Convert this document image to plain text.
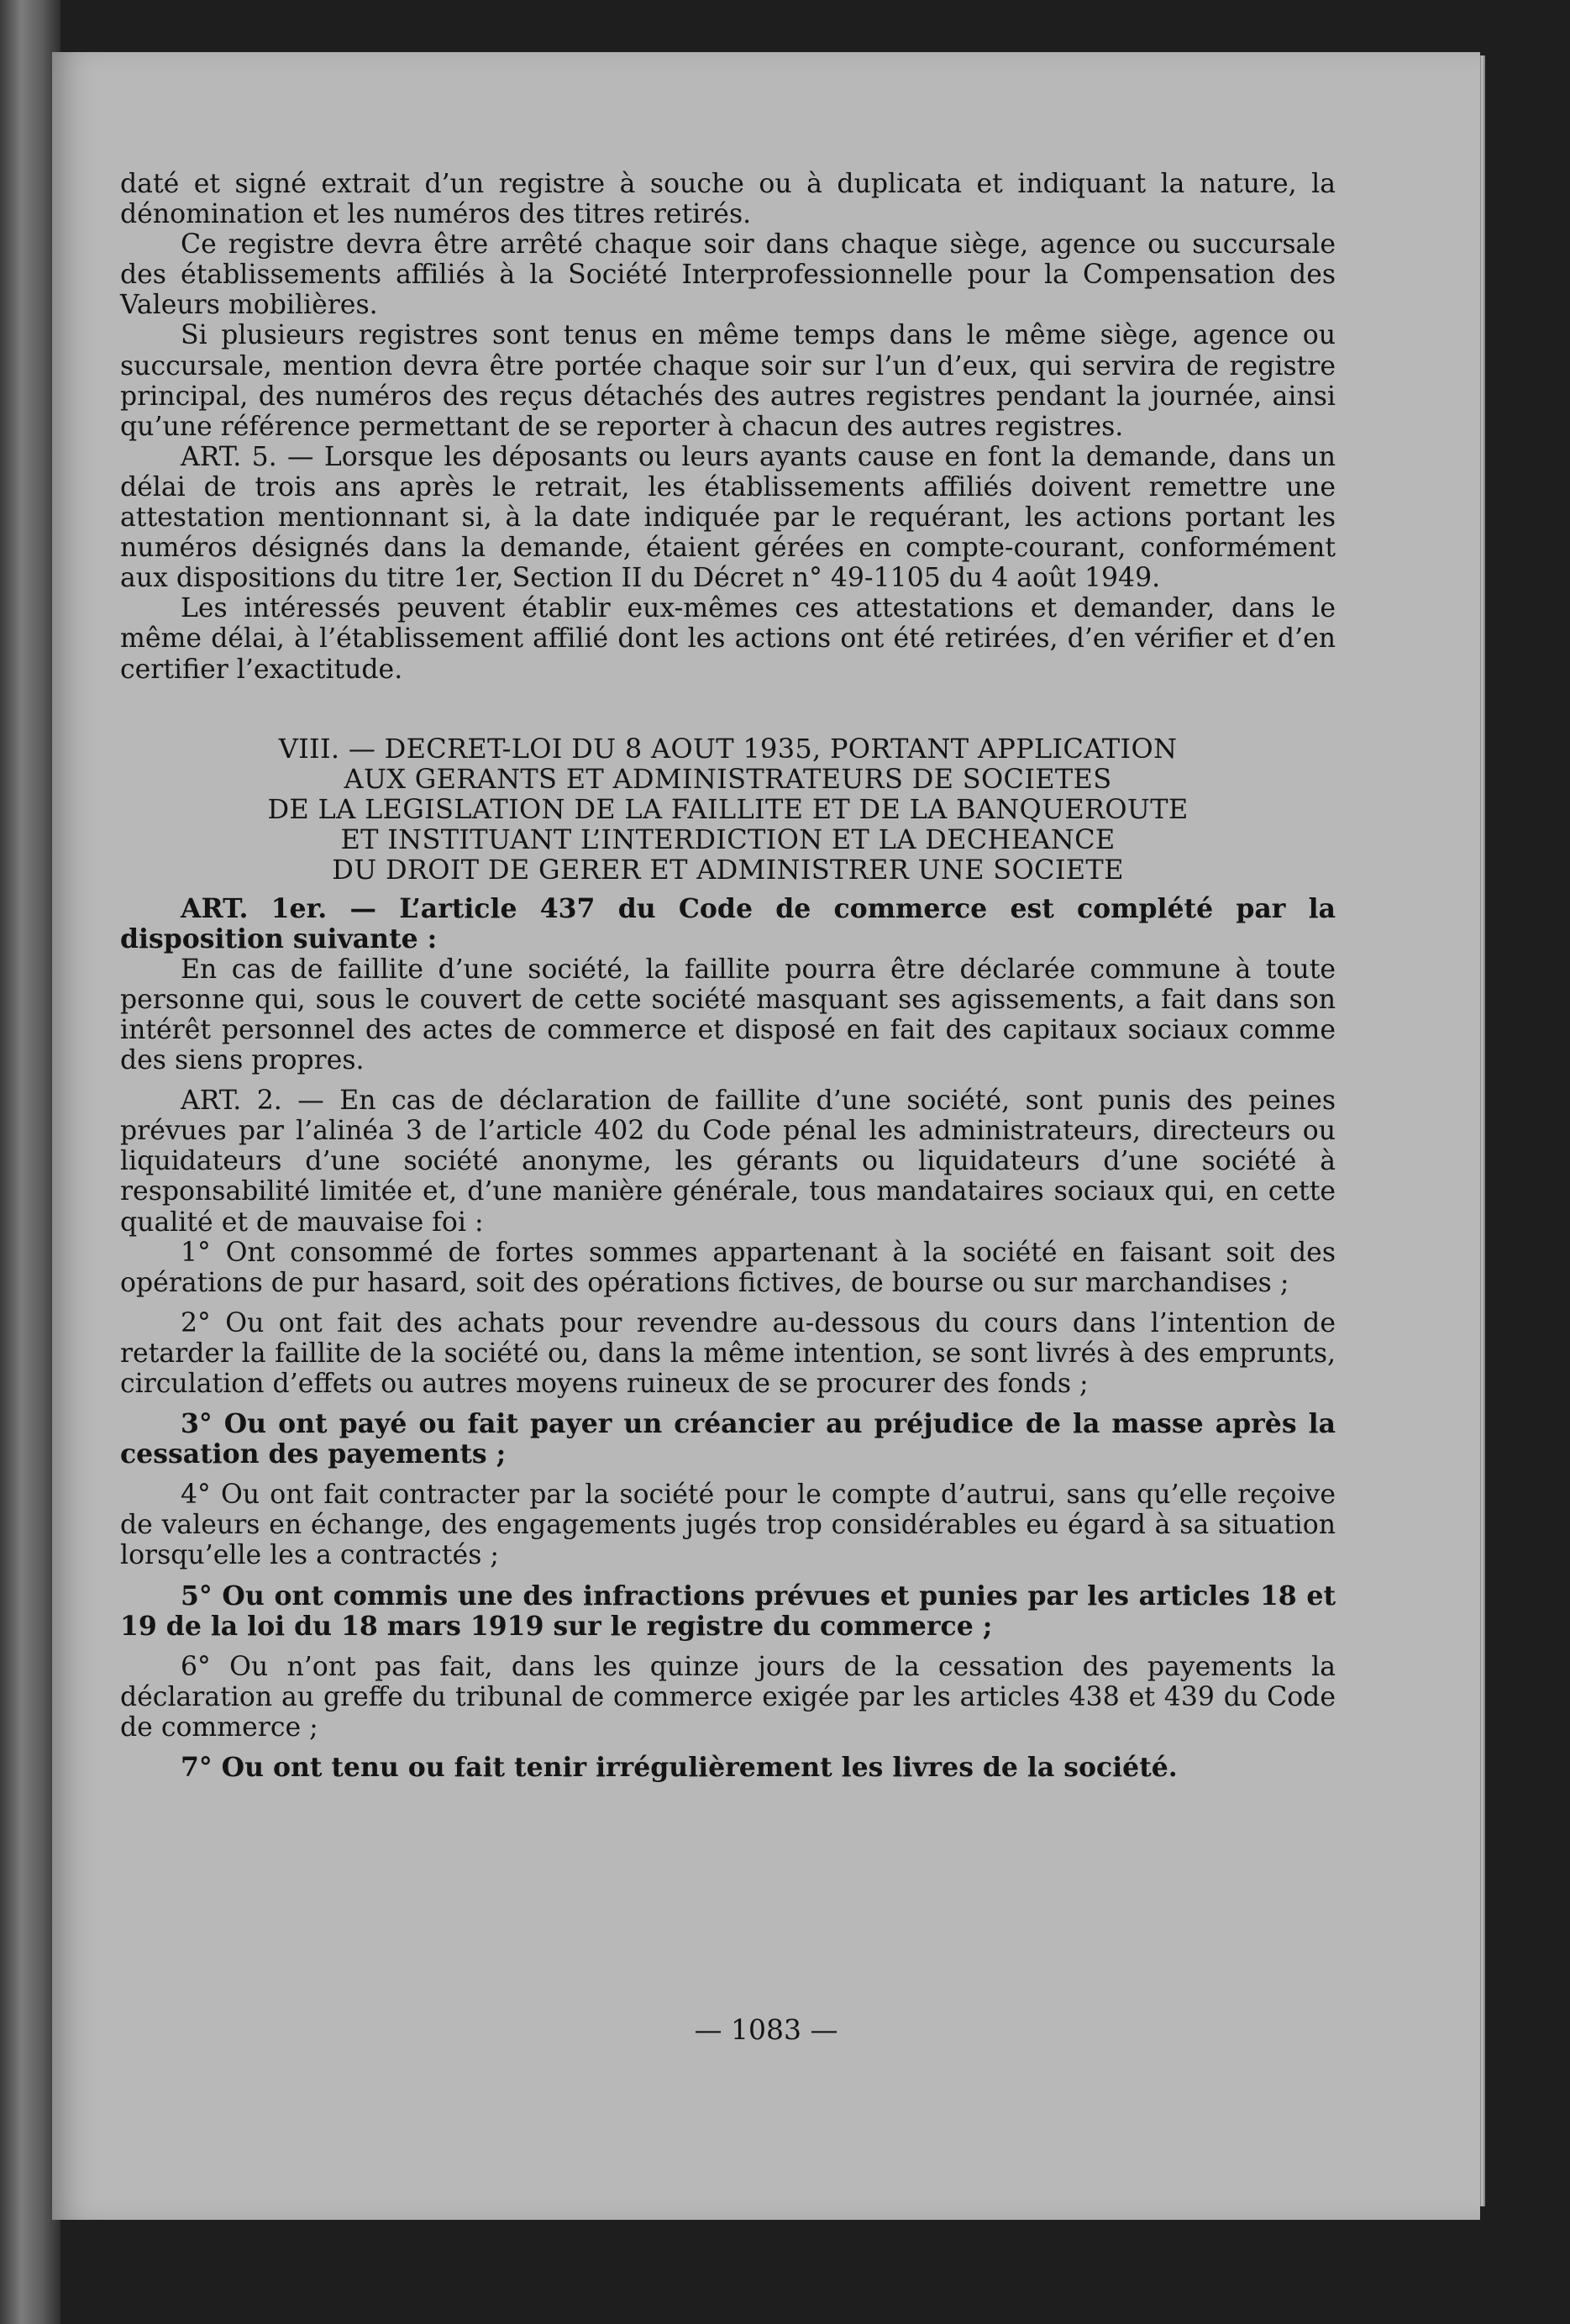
daté et signé extrait d’un registre à souche ou à duplicata et indiquant la nature, la dénomination et les numéros des titres retirés.

Ce registre devra être arrêté chaque soir dans chaque siège, agence ou succursale des établissements affiliés à la Société Interprofessionnelle pour la Compensation des Valeurs mobilières.

Si plusieurs registres sont tenus en même temps dans le même siège, agence ou succursale, mention devra être portée chaque soir sur l’un d’eux, qui servira de registre principal, des numéros des reçus détachés des autres registres pendant la journée, ainsi qu’une référence permettant de se reporter à chacun des autres registres.

ART. 5. — Lorsque les déposants ou leurs ayants cause en font la demande, dans un délai de trois ans après le retrait, les établissements affiliés doivent remettre une attestation mentionnant si, à la date indiquée par le requérant, les actions portant les numéros désignés dans la demande, étaient gérées en compte-courant, conformément aux dispositions du titre 1er, Section II du Décret n° 49-1105 du 4 août 1949.

Les intéressés peuvent établir eux-mêmes ces attestations et demander, dans le même délai, à l’établissement affilié dont les actions ont été retirées, d’en vérifier et d’en certifier l’exactitude.

VIII. — DECRET-LOI DU 8 AOUT 1935, PORTANT APPLICATION
AUX GERANTS ET ADMINISTRATEURS DE SOCIETES
DE LA LEGISLATION DE LA FAILLITE ET DE LA BANQUEROUTE
ET INSTITUANT L’INTERDICTION ET LA DECHEANCE
DU DROIT DE GERER ET ADMINISTRER UNE SOCIETE

ART. 1er. — L’article 437 du Code de commerce est complété par la disposition suivante :

En cas de faillite d’une société, la faillite pourra être déclarée commune à toute personne qui, sous le couvert de cette société masquant ses agissements, a fait dans son intérêt personnel des actes de commerce et disposé en fait des capitaux sociaux comme des siens propres.

ART. 2. — En cas de déclaration de faillite d’une société, sont punis des peines prévues par l’alinéa 3 de l’article 402 du Code pénal les administrateurs, directeurs ou liquidateurs d’une société anonyme, les gérants ou liquidateurs d’une société à responsabilité limitée et, d’une manière générale, tous mandataires sociaux qui, en cette qualité et de mauvaise foi :

1° Ont consommé de fortes sommes appartenant à la société en faisant soit des opérations de pur hasard, soit des opérations fictives, de bourse ou sur marchandises ;

2° Ou ont fait des achats pour revendre au-dessous du cours dans l’intention de retarder la faillite de la société ou, dans la même intention, se sont livrés à des emprunts, circulation d’effets ou autres moyens ruineux de se procurer des fonds ;

3° Ou ont payé ou fait payer un créancier au préjudice de la masse après la cessation des payements ;

4° Ou ont fait contracter par la société pour le compte d’autrui, sans qu’elle reçoive de valeurs en échange, des engagements jugés trop considérables eu égard à sa situation lorsqu’elle les a contractés ;

5° Ou ont commis une des infractions prévues et punies par les articles 18 et 19 de la loi du 18 mars 1919 sur le registre du commerce ;

6° Ou n’ont pas fait, dans les quinze jours de la cessation des payements la déclaration au greffe du tribunal de commerce exigée par les articles 438 et 439 du Code de commerce ;

7° Ou ont tenu ou fait tenir irrégulièrement les livres de la société.

— 1083 —
